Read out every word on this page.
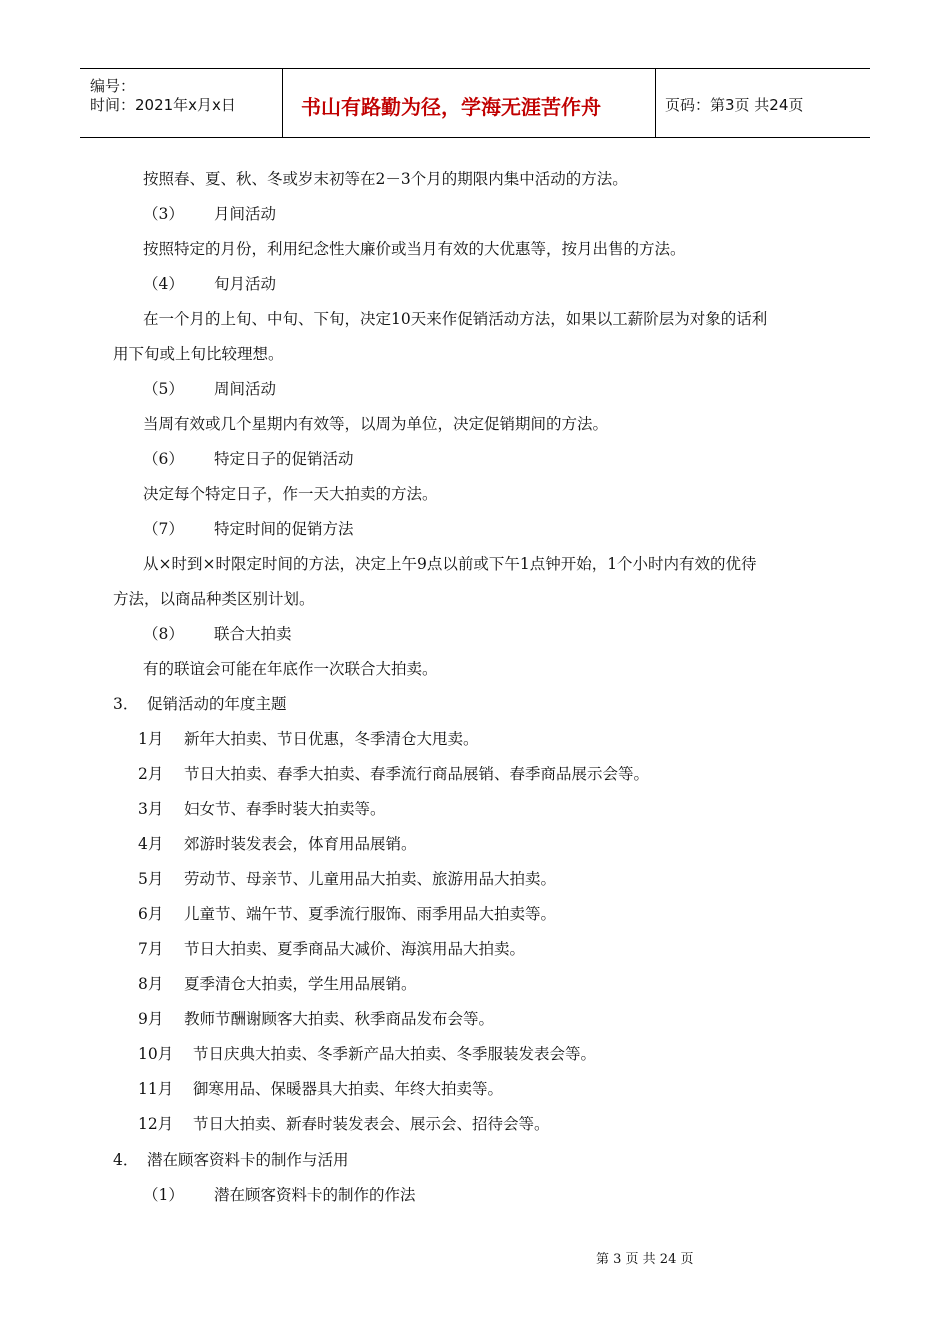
编号：
时间：2021年x月x日	书山有路勤为径，学海无涯苦作舟	页码：第3页 共24页
按照春、夏、秋、冬或岁末初等在2－3个月的期限内集中活动的方法。
（3） 月间活动
按照特定的月份，利用纪念性大廉价或当月有效的大优惠等，按月出售的方法。
（4） 旬月活动
在一个月的上旬、中旬、下旬，决定10天来作促销活动方法，如果以工薪阶层为对象的话利
用下旬或上旬比较理想。
（5） 周间活动
当周有效或几个星期内有效等，以周为单位，决定促销期间的方法。
（6） 特定日子的促销活动
决定每个特定日子，作一天大拍卖的方法。
（7） 特定时间的促销方法
从×时到×时限定时间的方法，决定上午9点以前或下午1点钟开始，1个小时内有效的优待
方法，以商品种类区别计划。
（8） 联合大拍卖
有的联谊会可能在年底作一次联合大拍卖。
3． 促销活动的年度主题
1月 新年大拍卖、节日优惠，冬季清仓大甩卖。
2月 节日大拍卖、春季大拍卖、春季流行商品展销、春季商品展示会等。
3月 妇女节、春季时装大拍卖等。
4月 郊游时装发表会，体育用品展销。
5月 劳动节、母亲节、儿童用品大拍卖、旅游用品大拍卖。
6月 儿童节、端午节、夏季流行服饰、雨季用品大拍卖等。
7月 节日大拍卖、夏季商品大减价、海滨用品大拍卖。
8月 夏季清仓大拍卖，学生用品展销。
9月 教师节酬谢顾客大拍卖、秋季商品发布会等。
10月 节日庆典大拍卖、冬季新产品大拍卖、冬季服装发表会等。
11月 御寒用品、保暖器具大拍卖、年终大拍卖等。
12月 节日大拍卖、新春时装发表会、展示会、招待会等。
4． 潜在顾客资料卡的制作与活用
（1） 潜在顾客资料卡的制作的作法
第 3 页 共 24 页
